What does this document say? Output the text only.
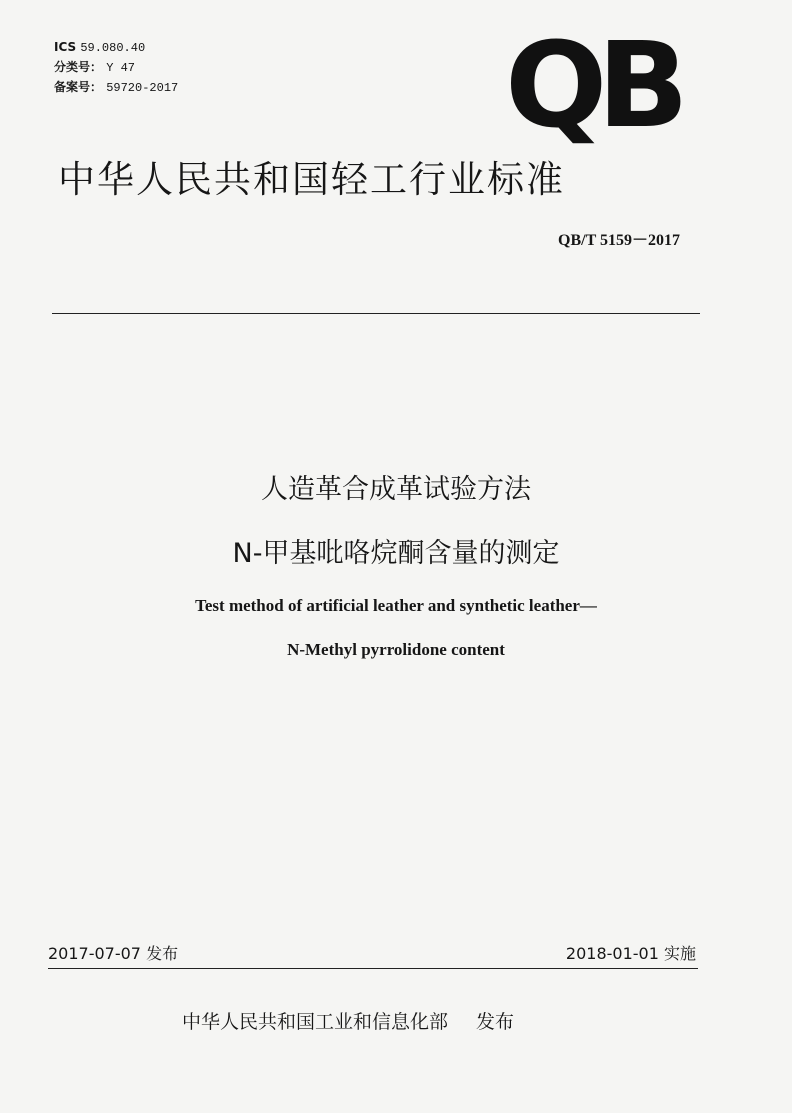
ICS 59.080.40
分类号： Y 47
备案号： 59720-2017	QB
中华人民共和国轻工行业标准
QB/T 5159－2017
人造革合成革试验方法
N-甲基吡咯烷酮含量的测定
Test method of artificial leather and synthetic leather—
N-Methyl pyrrolidone content
2017-07-07 发布	2018-01-01 实施
中华人民共和国工业和信息化部 发布
